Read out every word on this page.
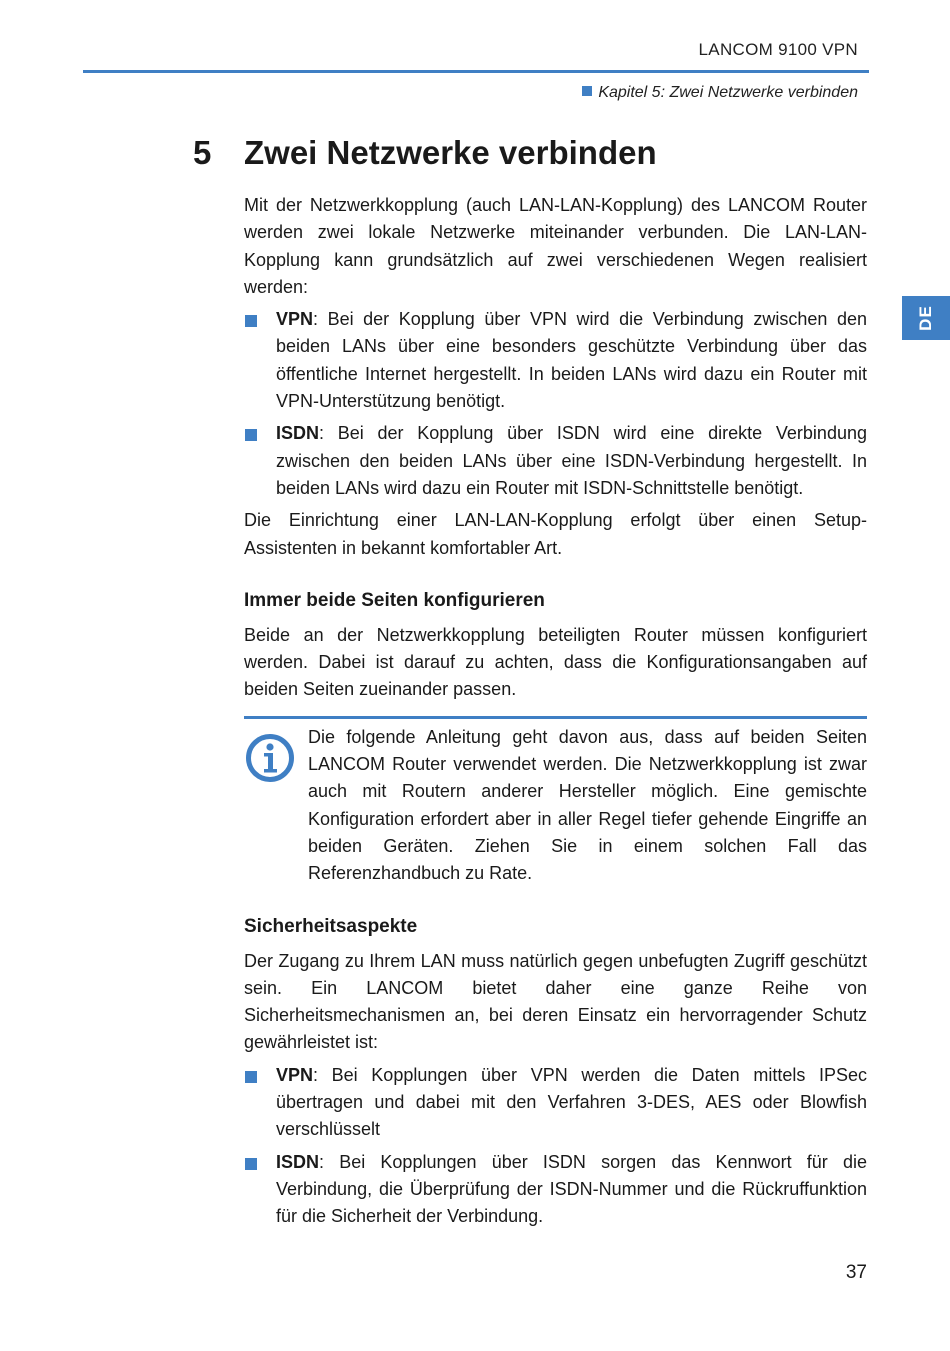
LANCOM 9100 VPN
Kapitel 5: Zwei Netzwerke verbinden
DE
5 Zwei Netzwerke verbinden

Mit der Netzwerkkopplung (auch LAN-LAN-Kopplung) des LANCOM Router werden zwei lokale Netzwerke miteinander verbunden. Die LAN-LAN-Kopplung kann grundsätzlich auf zwei verschiedenen Wegen realisiert werden:

VPN: Bei der Kopplung über VPN wird die Verbindung zwischen den beiden LANs über eine besonders geschützte Verbindung über das öffentliche Internet hergestellt. In beiden LANs wird dazu ein Router mit VPN-Unterstützung benötigt.
ISDN: Bei der Kopplung über ISDN wird eine direkte Verbindung zwischen den beiden LANs über eine ISDN-Verbindung hergestellt. In beiden LANs wird dazu ein Router mit ISDN-Schnittstelle benötigt.

Die Einrichtung einer LAN-LAN-Kopplung erfolgt über einen Setup-Assistenten in bekannt komfortabler Art.

Immer beide Seiten konfigurieren

Beide an der Netzwerkkopplung beteiligten Router müssen konfiguriert werden. Dabei ist darauf zu achten, dass die Konfigurationsangaben auf beiden Seiten zueinander passen.

Die folgende Anleitung geht davon aus, dass auf beiden Seiten LANCOM Router verwendet werden. Die Netzwerkkopplung ist zwar auch mit Routern anderer Hersteller möglich. Eine gemischte Konfiguration erfordert aber in aller Regel tiefer gehende Eingriffe an beiden Geräten. Ziehen Sie in einem solchen Fall das Referenzhandbuch zu Rate.
Sicherheitsaspekte

Der Zugang zu Ihrem LAN muss natürlich gegen unbefugten Zugriff geschützt sein. Ein LANCOM bietet daher eine ganze Reihe von Sicherheitsmechanismen an, bei deren Einsatz ein hervorragender Schutz gewährleistet ist:

VPN: Bei Kopplungen über VPN werden die Daten mittels IPSec übertragen und dabei mit den Verfahren 3-DES, AES oder Blowfish verschlüsselt
ISDN: Bei Kopplungen über ISDN sorgen das Kennwort für die Verbindung, die Überprüfung der ISDN-Nummer und die Rückruffunktion für die Sicherheit der Verbindung.
37
